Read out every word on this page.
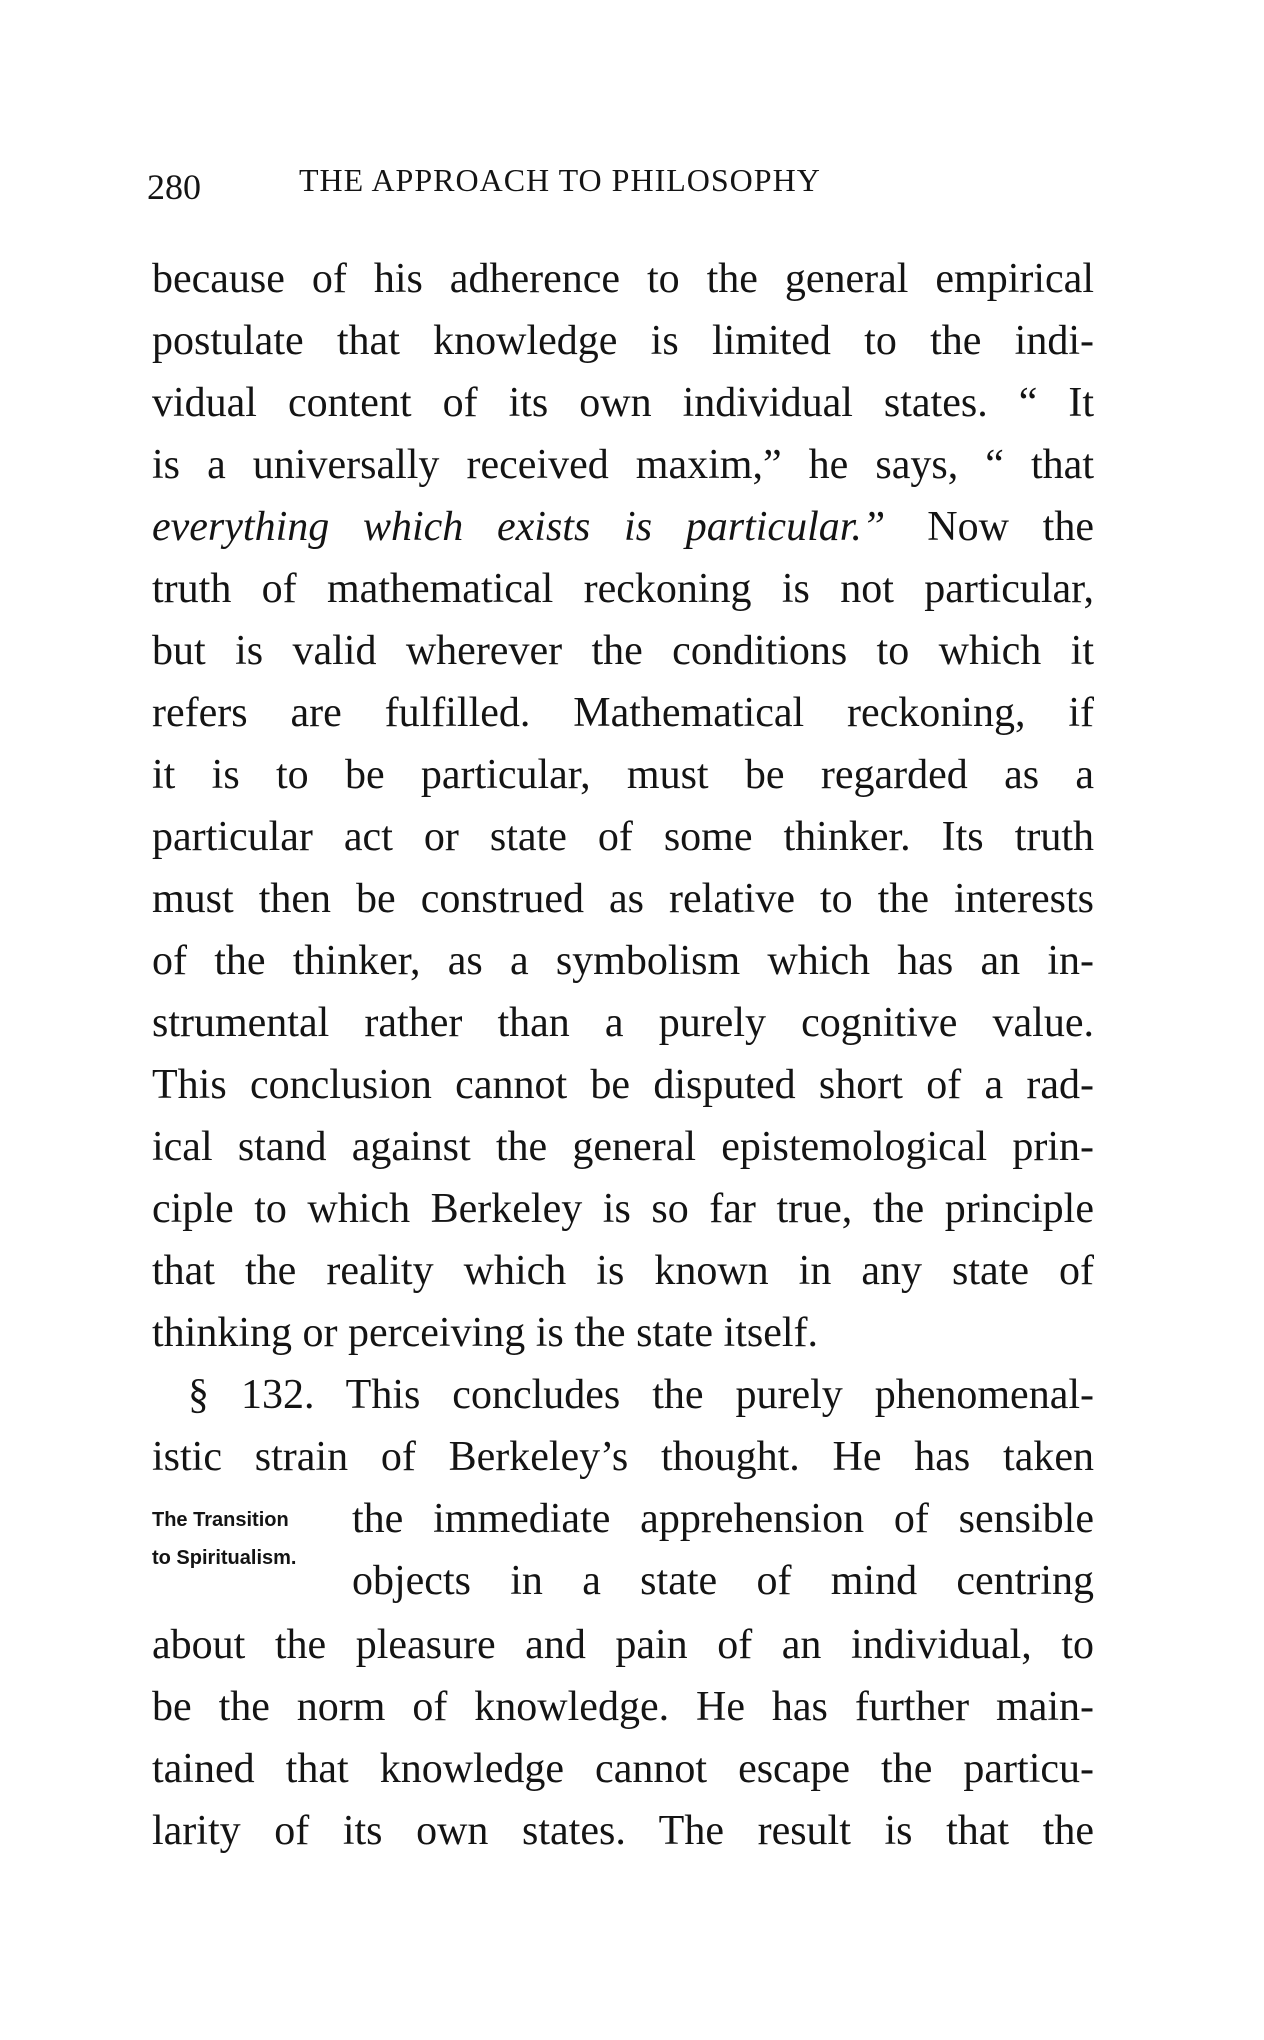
280	THE APPROACH TO PHILOSOPHY
because of his adherence to the general empirical
postulate that knowledge is limited to the indi-
vidual content of its own individual states. “ It
is a universally received maxim,” he says, “ that
everything which exists is particular.”  Now the
truth of mathematical reckoning is not particular,
but is valid wherever the conditions to which it
refers are fulfilled. Mathematical reckoning, if
it is to be particular, must be regarded as a
particular act or state of some thinker. Its truth
must then be construed as relative to the interests
of the thinker, as a symbolism which has an in-
strumental rather than a purely cognitive value.
This conclusion cannot be disputed short of a rad-
ical stand against the general epistemological prin-
ciple to which Berkeley is so far true, the principle
that the reality which is known in any state of
thinking or perceiving is the state itself.
§ 132. This concludes the purely phenomenal-
istic strain of Berkeley’s thought. He has taken
The Transition
to Spiritualism.
the immediate apprehension of sensible
objects in a state of mind centring
about the pleasure and pain of an individual, to
be the norm of knowledge. He has further main-
tained that knowledge cannot escape the particu-
larity of its own states. The result is that the
